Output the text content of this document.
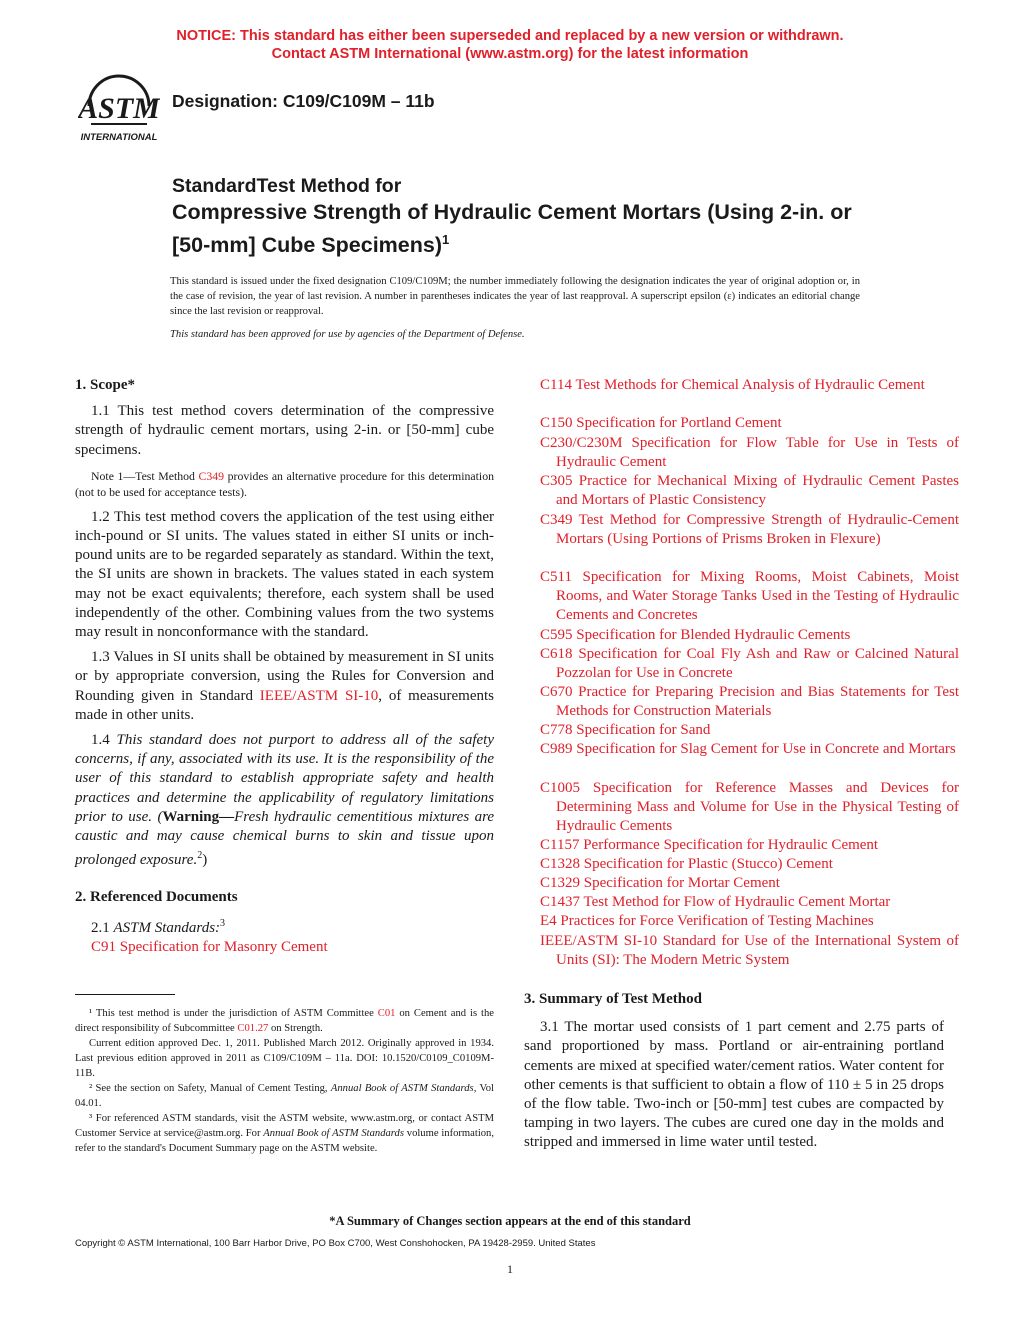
NOTICE: This standard has either been superseded and replaced by a new version or withdrawn.
Contact ASTM International (www.astm.org) for the latest information
ASTM
INTERNATIONAL
Designation: C109/C109M – 11b
StandardTest Method for
Compressive Strength of Hydraulic Cement Mortars (Using 2-in. or [50-mm] Cube Specimens)$^1$
This standard is issued under the fixed designation C109/C109M; the number immediately following the designation indicates the year of original adoption or, in the case of revision, the year of last revision. A number in parentheses indicates the year of last reapproval. A superscript epsilon (ε) indicates an editorial change since the last revision or reapproval.
This standard has been approved for use by agencies of the Department of Defense.
1. Scope*
1.1 This test method covers determination of the compressive strength of hydraulic cement mortars, using 2-in. or [50-mm] cube specimens.
Note 1—Test Method C349 provides an alternative procedure for this determination (not to be used for acceptance tests).
1.2 This test method covers the application of the test using either inch-pound or SI units. The values stated in either SI units or inch-pound units are to be regarded separately as standard. Within the text, the SI units are shown in brackets. The values stated in each system may not be exact equivalents; therefore, each system shall be used independently of the other. Combining values from the two systems may result in nonconformance with the standard.
1.3 Values in SI units shall be obtained by measurement in SI units or by appropriate conversion, using the Rules for Conversion and Rounding given in Standard IEEE/ASTM SI-10, of measurements made in other units.
1.4 This standard does not purport to address all of the safety concerns, if any, associated with its use. It is the responsibility of the user of this standard to establish appropriate safety and health practices and determine the applicability of regulatory limitations prior to use. (Warning—Fresh hydraulic cementitious mixtures are caustic and may cause chemical burns to skin and tissue upon prolonged exposure.$^2$)
2. Referenced Documents
2.1 ASTM Standards:$^3$
C91 Specification for Masonry Cement
¹ This test method is under the jurisdiction of ASTM Committee C01 on Cement and is the direct responsibility of Subcommittee C01.27 on Strength.
Current edition approved Dec. 1, 2011. Published March 2012. Originally approved in 1934. Last previous edition approved in 2011 as C109/C109M – 11a. DOI: 10.1520/C0109_C0109M-11B.
² See the section on Safety, Manual of Cement Testing, Annual Book of ASTM Standards, Vol 04.01.
³ For referenced ASTM standards, visit the ASTM website, www.astm.org, or contact ASTM Customer Service at service@astm.org. For Annual Book of ASTM Standards volume information, refer to the standard's Document Summary page on the ASTM website.
C114 Test Methods for Chemical Analysis of Hydraulic Cement
C150 Specification for Portland Cement
C230/C230M Specification for Flow Table for Use in Tests of Hydraulic Cement
C305 Practice for Mechanical Mixing of Hydraulic Cement Pastes and Mortars of Plastic Consistency
C349 Test Method for Compressive Strength of Hydraulic-Cement Mortars (Using Portions of Prisms Broken in Flexure)
C511 Specification for Mixing Rooms, Moist Cabinets, Moist Rooms, and Water Storage Tanks Used in the Testing of Hydraulic Cements and Concretes
C595 Specification for Blended Hydraulic Cements
C618 Specification for Coal Fly Ash and Raw or Calcined Natural Pozzolan for Use in Concrete
C670 Practice for Preparing Precision and Bias Statements for Test Methods for Construction Materials
C778 Specification for Sand
C989 Specification for Slag Cement for Use in Concrete and Mortars
C1005 Specification for Reference Masses and Devices for Determining Mass and Volume for Use in the Physical Testing of Hydraulic Cements
C1157 Performance Specification for Hydraulic Cement
C1328 Specification for Plastic (Stucco) Cement
C1329 Specification for Mortar Cement
C1437 Test Method for Flow of Hydraulic Cement Mortar
E4 Practices for Force Verification of Testing Machines
IEEE/ASTM SI-10 Standard for Use of the International System of Units (SI): The Modern Metric System
3. Summary of Test Method
3.1 The mortar used consists of 1 part cement and 2.75 parts of sand proportioned by mass. Portland or air-entraining portland cements are mixed at specified water/cement ratios. Water content for other cements is that sufficient to obtain a flow of 110 ± 5 in 25 drops of the flow table. Two-inch or [50-mm] test cubes are compacted by tamping in two layers. The cubes are cured one day in the molds and stripped and immersed in lime water until tested.
*A Summary of Changes section appears at the end of this standard
Copyright © ASTM International, 100 Barr Harbor Drive, PO Box C700, West Conshohocken, PA 19428-2959. United States
1
